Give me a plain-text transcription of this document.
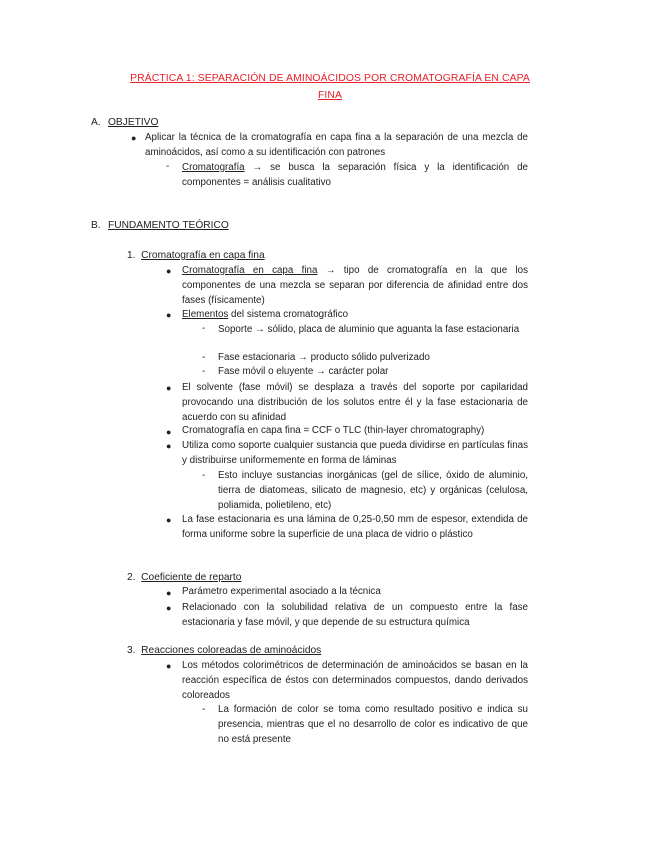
PRÁCTICA 1: SEPARACIÓN DE AMINOÁCIDOS POR CROMATOGRAFÍA EN CAPA
FINA
A. OBJETIVO
● Aplicar la técnica de la cromatografía en capa fina a la separación de una mezcla de aminoácidos, así como a su identificación con patrones
- Cromatografía → se busca la separación física y la identificación de componentes = análisis cualitativo
B. FUNDAMENTO TEÓRICO
1. Cromatografía en capa fina
● Cromatografía en capa fina → tipo de cromatografía en la que los componentes de una mezcla se separan por diferencia de afinidad entre dos fases (físicamente)
● Elementos del sistema cromatográfico
- Soporte → sólido, placa de aluminio que aguanta la fase estacionaria
- Fase estacionaria → producto sólido pulverizado
- Fase móvil o eluyente → carácter polar
● El solvente (fase móvil) se desplaza a través del soporte por capilaridad provocando una distribución de los solutos entre él y la fase estacionaria de acuerdo con su afinidad
● Cromatografía en capa fina = CCF o TLC (thin-layer chromatography)
● Utiliza como soporte cualquier sustancia que pueda dividirse en partículas finas y distribuirse uniformemente en forma de láminas
- Esto incluye sustancias inorgánicas (gel de sílice, óxido de aluminio, tierra de diatomeas, silicato de magnesio, etc) y orgánicas (celulosa, poliamida, polietileno, etc)
● La fase estacionaria es una lámina de 0,25-0,50 mm de espesor, extendida de forma uniforme sobre la superficie de una placa de vidrio o plástico
2. Coeficiente de reparto
● Parámetro experimental asociado a la técnica
● Relacionado con la solubilidad relativa de un compuesto entre la fase estacionaria y fase móvil, y que depende de su estructura química
3. Reacciones coloreadas de aminoácidos
● Los métodos colorimétricos de determinación de aminoácidos se basan en la reacción específica de éstos con determinados compuestos, dando derivados coloreados
- La formación de color se toma como resultado positivo e indica su presencia, mientras que el no desarrollo de color es indicativo de que no está presente
